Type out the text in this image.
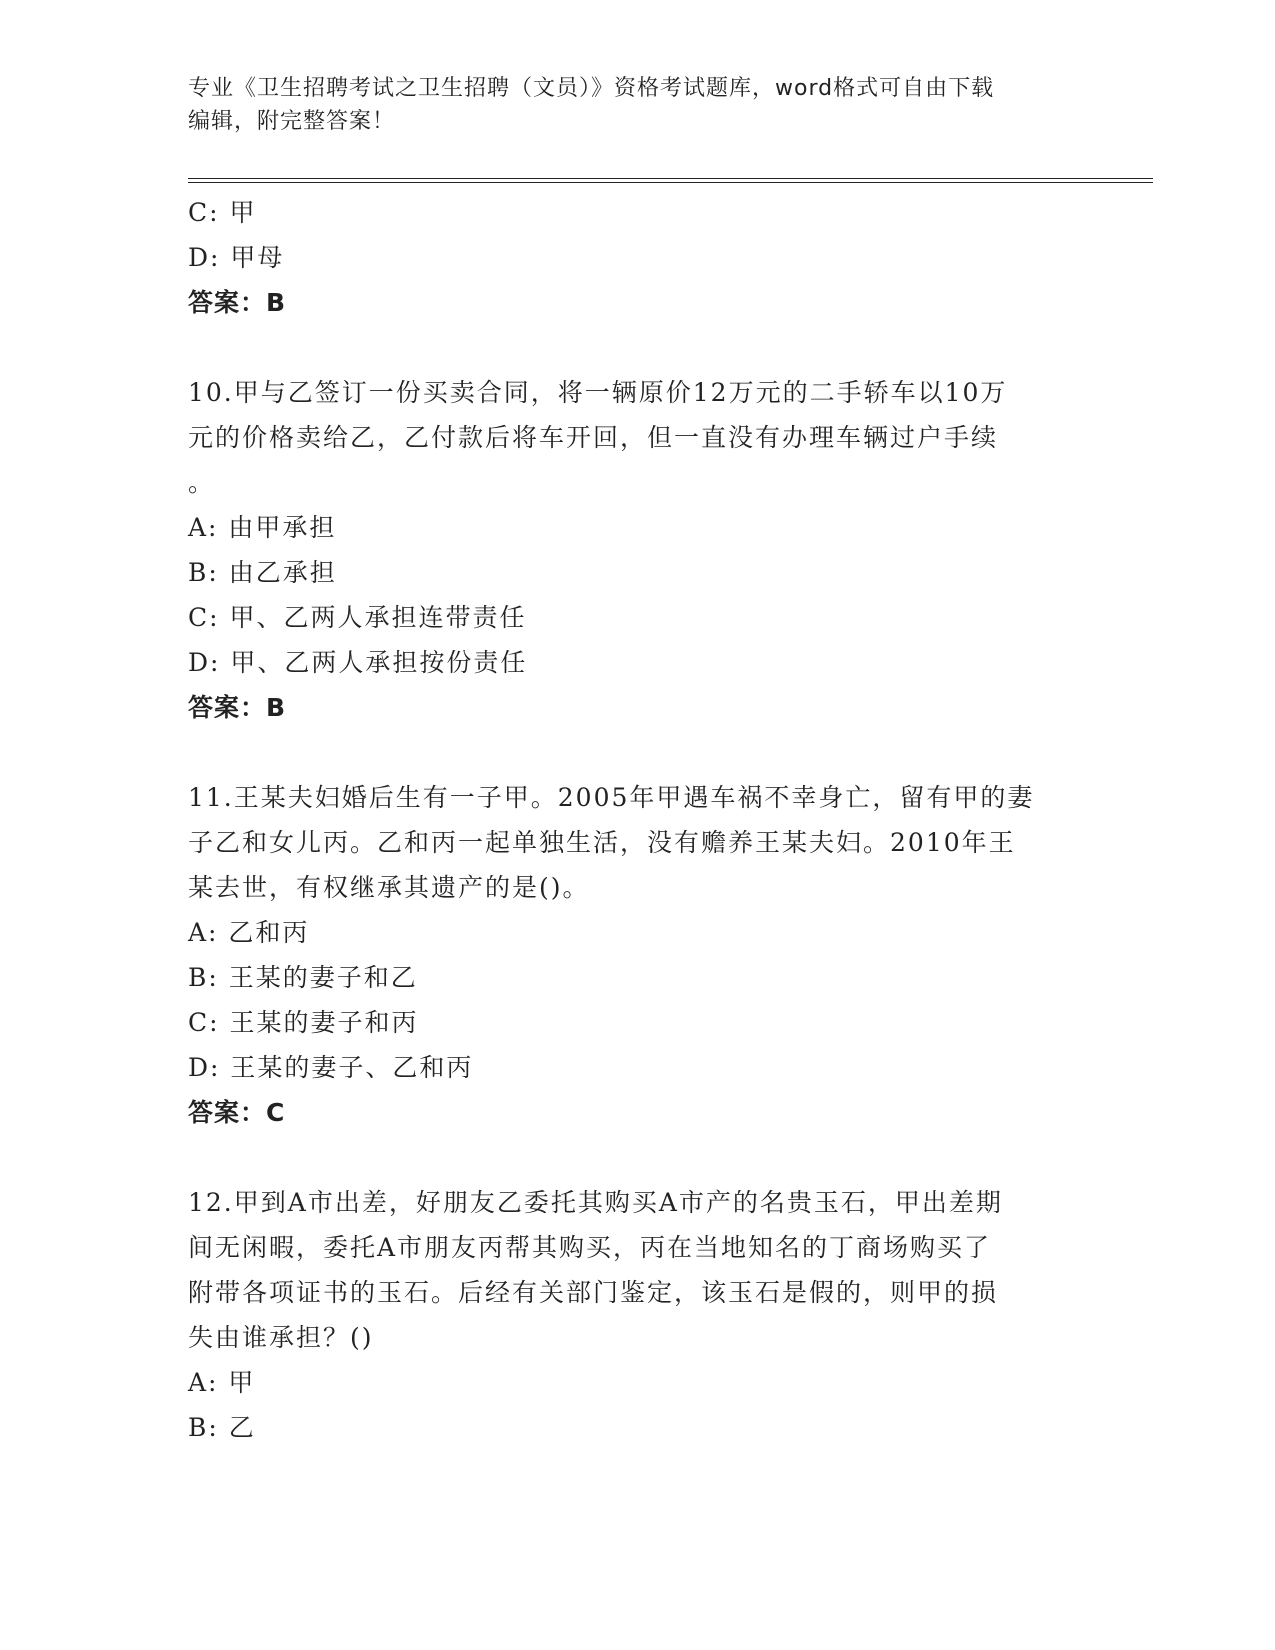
专业《卫生招聘考试之卫生招聘（文员）》资格考试题库，word格式可自由下载
编辑，附完整答案！
C: 甲
D: 甲母
答案：B
10.甲与乙签订一份买卖合同，将一辆原价12万元的二手轿车以10万
元的价格卖给乙，乙付款后将车开回，但一直没有办理车辆过户手续
。
A: 由甲承担
B: 由乙承担
C: 甲、乙两人承担连带责任
D: 甲、乙两人承担按份责任
答案：B
11.王某夫妇婚后生有一子甲。2005年甲遇车祸不幸身亡，留有甲的妻
子乙和女儿丙。乙和丙一起单独生活，没有赡养王某夫妇。2010年王
某去世，有权继承其遗产的是()。
A: 乙和丙
B: 王某的妻子和乙
C: 王某的妻子和丙
D: 王某的妻子、乙和丙
答案：C
12.甲到A市出差，好朋友乙委托其购买A市产的名贵玉石，甲出差期
间无闲暇，委托A市朋友丙帮其购买，丙在当地知名的丁商场购买了
附带各项证书的玉石。后经有关部门鉴定，该玉石是假的，则甲的损
失由谁承担？()
A: 甲
B: 乙
